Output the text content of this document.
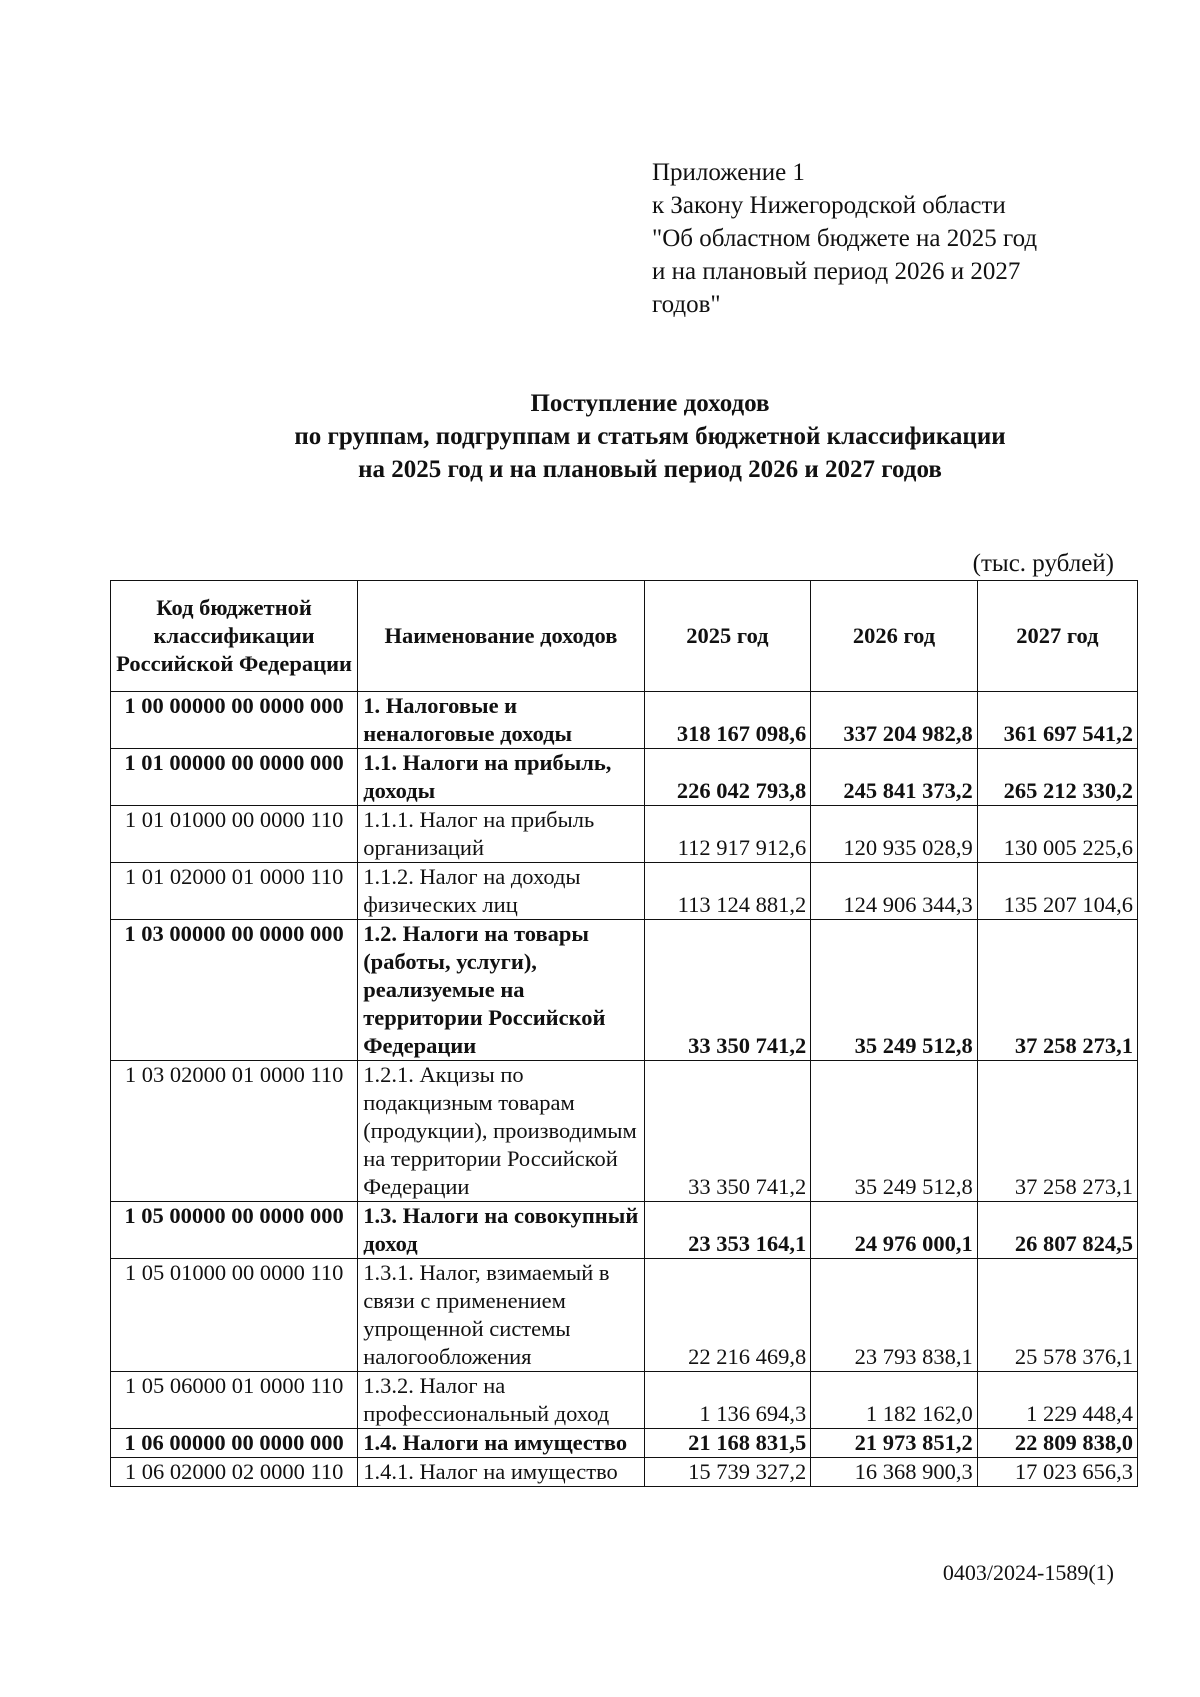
Приложение 1
к Закону Нижегородской области
"Об областном бюджете на 2025 год
и на плановый период 2026 и 2027
годов"
Поступление доходов
по группам, подгруппам и статьям бюджетной классификации
на 2025 год и на плановый период 2026 и 2027 годов
(тыс. рублей)
Код бюджетной классификации Российской Федерации	Наименование доходов	2025 год	2026 год	2027 год
1 00 00000 00 0000 000	1. Налоговые и неналоговые доходы	318 167 098,6	337 204 982,8	361 697 541,2
1 01 00000 00 0000 000	1.1. Налоги на прибыль, доходы	226 042 793,8	245 841 373,2	265 212 330,2
1 01 01000 00 0000 110	1.1.1. Налог на прибыль организаций	112 917 912,6	120 935 028,9	130 005 225,6
1 01 02000 01 0000 110	1.1.2. Налог на доходы физических лиц	113 124 881,2	124 906 344,3	135 207 104,6
1 03 00000 00 0000 000	1.2. Налоги на товары (работы, услуги), реализуемые на территории Российской Федерации	33 350 741,2	35 249 512,8	37 258 273,1
1 03 02000 01 0000 110	1.2.1. Акцизы по подакцизным товарам (продукции), производимым на территории Российской Федерации	33 350 741,2	35 249 512,8	37 258 273,1
1 05 00000 00 0000 000	1.3. Налоги на совокупный доход	23 353 164,1	24 976 000,1	26 807 824,5
1 05 01000 00 0000 110	1.3.1. Налог, взимаемый в связи с применением упрощенной системы налогообложения	22 216 469,8	23 793 838,1	25 578 376,1
1 05 06000 01 0000 110	1.3.2. Налог на профессиональный доход	1 136 694,3	1 182 162,0	1 229 448,4
1 06 00000 00 0000 000	1.4. Налоги на имущество	21 168 831,5	21 973 851,2	22 809 838,0
1 06 02000 02 0000 110	1.4.1. Налог на имущество	15 739 327,2	16 368 900,3	17 023 656,3
0403/2024-1589(1)
